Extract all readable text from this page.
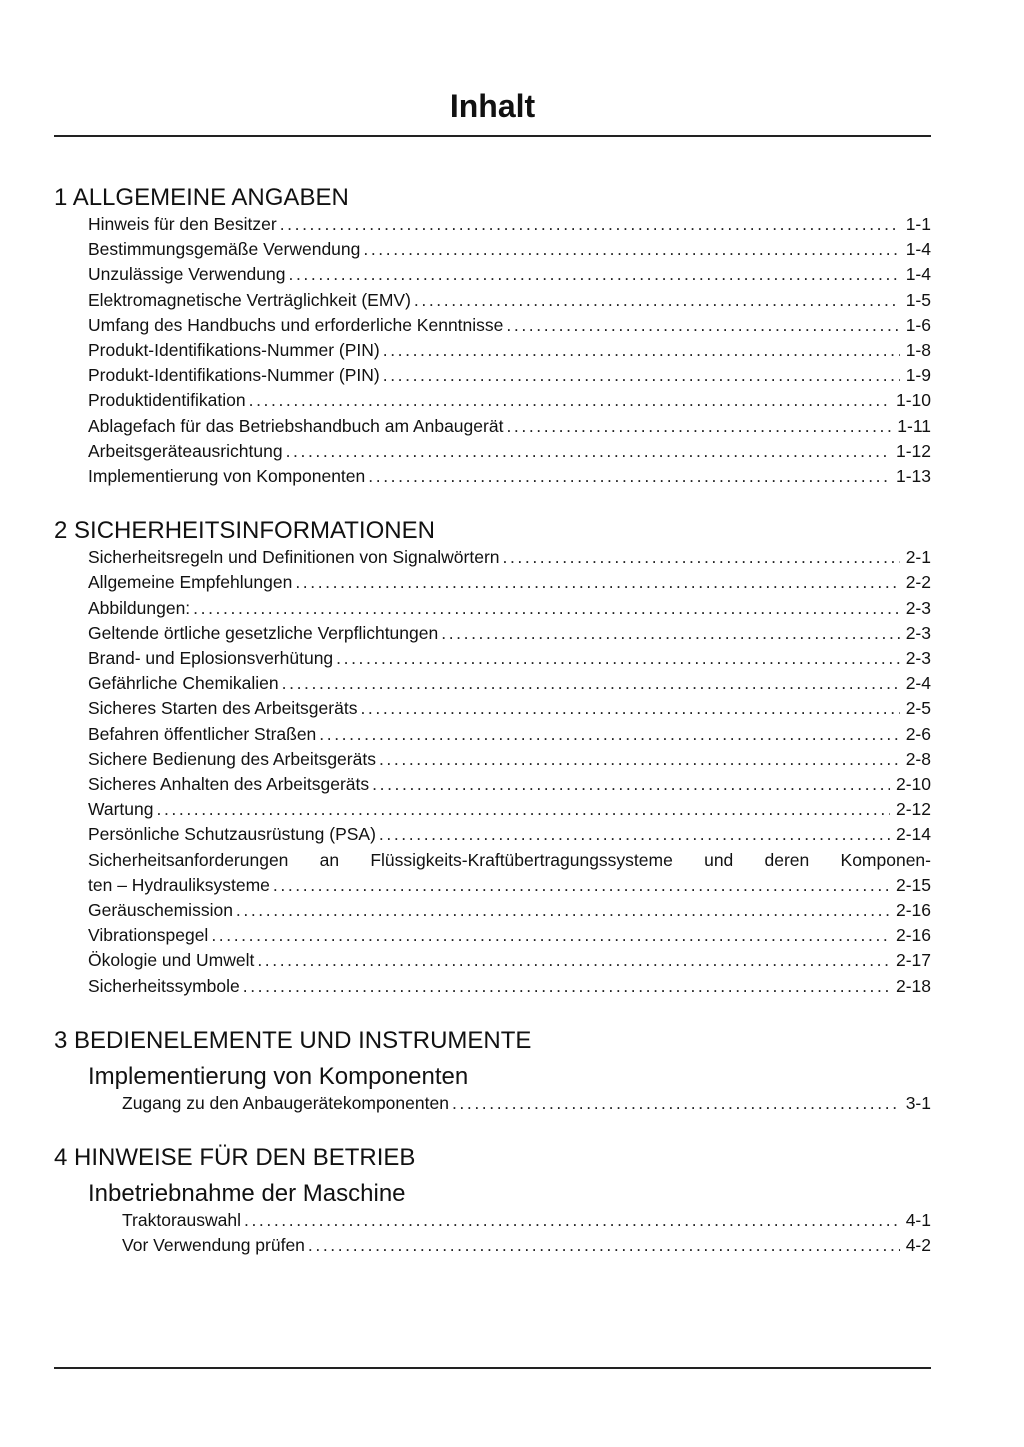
Inhalt
1 ALLGEMEINE ANGABEN
Hinweis für den Besitzer .....	1-1
Bestimmungsgemäße Verwendung .....	1-4
Unzulässige Verwendung .....	1-4
Elektromagnetische Verträglichkeit (EMV) .....	1-5
Umfang des Handbuchs und erforderliche Kenntnisse .....	1-6
Produkt-Identifikations-Nummer (PIN) .....	1-8
Produkt-Identifikations-Nummer (PIN) .....	1-9
Produktidentifikation .....	1-10
Ablagefach für das Betriebshandbuch am Anbaugerät .....	1-11
Arbeitsgeräteausrichtung .....	1-12
Implementierung von Komponenten .....	1-13
2 SICHERHEITSINFORMATIONEN
Sicherheitsregeln und Definitionen von Signalwörtern .....	2-1
Allgemeine Empfehlungen .....	2-2
Abbildungen: .....	2-3
Geltende örtliche gesetzliche Verpflichtungen .....	2-3
Brand- und Eplosionsverhütung .....	2-3
Gefährliche Chemikalien .....	2-4
Sicheres Starten des Arbeitsgeräts .....	2-5
Befahren öffentlicher Straßen .....	2-6
Sichere Bedienung des Arbeitsgeräts .....	2-8
Sicheres Anhalten des Arbeitsgeräts .....	2-10
Wartung .....	2-12
Persönliche Schutzausrüstung (PSA) .....	2-14
Sicherheitsanforderungen an Flüssigkeits-Kraftübertragungssysteme und deren Komponen-
ten – Hydrauliksysteme .....	2-15
Geräuschemission .....	2-16
Vibrationspegel .....	2-16
Ökologie und Umwelt .....	2-17
Sicherheitssymbole .....	2-18
3 BEDIENELEMENTE UND INSTRUMENTE
Implementierung von Komponenten
Zugang zu den Anbaugerätekomponenten .....	3-1
4 HINWEISE FÜR DEN BETRIEB
Inbetriebnahme der Maschine
Traktorauswahl .....	4-1
Vor Verwendung prüfen .....	4-2
